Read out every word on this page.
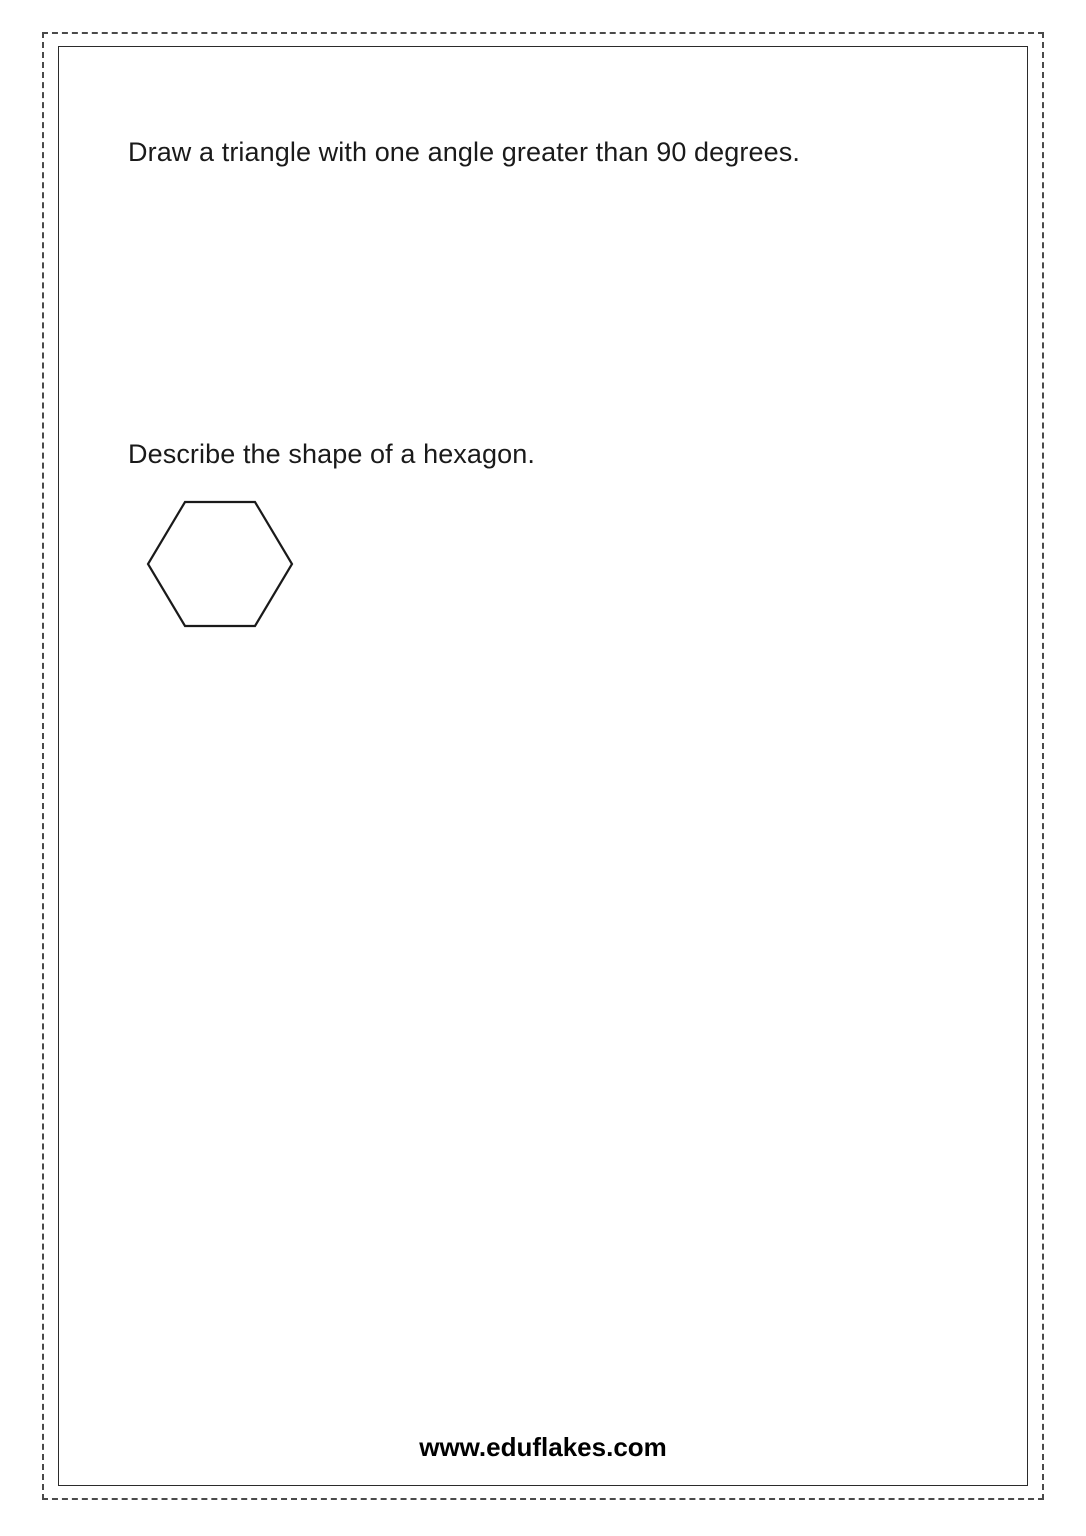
Draw a triangle with one angle greater than 90 degrees.
Describe the shape of a hexagon.
www.eduflakes.com
